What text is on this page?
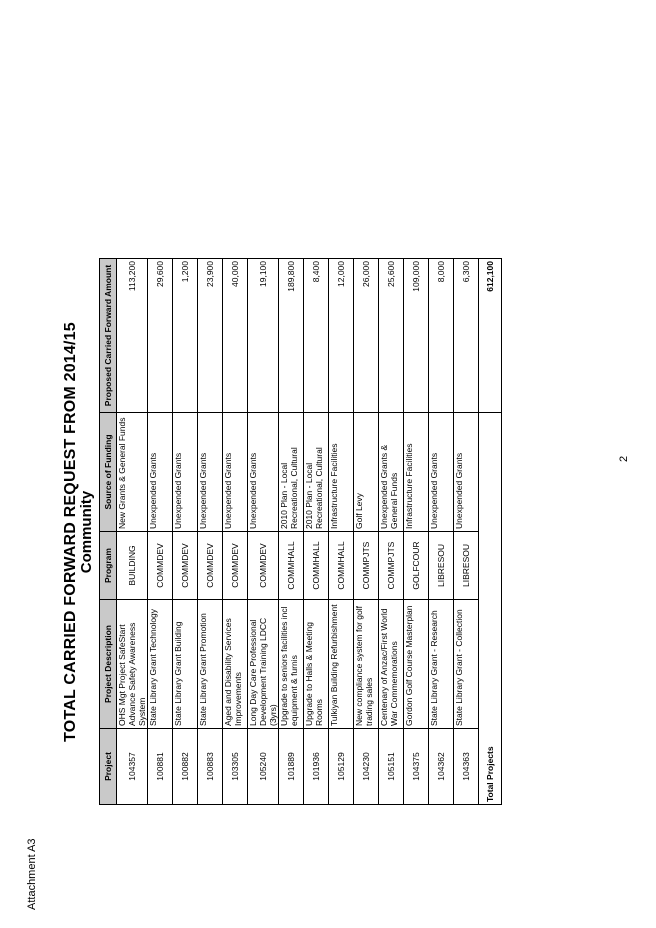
Attachment A3
2
TOTAL CARRIED FORWARD REQUEST FROM 2014/15 Community
Project	Project Description	Program	Source of Funding	Proposed Carried Forward Amount
104357	OHS Mgt Project SafeStart Advance Safety Awareness System	BUILDING	New Grants & General Funds	113,200
100881	State Library Grant Technology	COMMDEV	Unexpended Grants	29,600
100882	State Library Grant Building	COMMDEV	Unexpended Grants	1,200
100883	State Library Grant Promotion	COMMDEV	Unexpended Grants	23,900
103305	Aged and Disability Services Improvements	COMMDEV	Unexpended Grants	40,000
105240	Long Day Care Professional Development Training LDCC (3yrs)	COMMDEV	Unexpended Grants	19,100
101889	Upgrade to seniors facilities incl equipment & furnis	COMMHALL	2010 Plan - Local Recreational, Cultural	189,800
101936	Upgrade to Halls & Meeting Rooms	COMMHALL	2010 Plan - Local Recreational, Cultural	8,400
105129	Tulkiyan Building Refurbishment	COMMHALL	Infrastructure Facilities	12,000
104230	New compliance system for golf trading sales	COMMPJTS	Golf Levy	26,000
105151	Centenary of Anzac/First World War Commemorations	COMMPJTS	Unexpended Grants & General Funds	25,600
104375	Gordon Golf Course Masterplan	GOLFCOUR	Infrastructure Facilities	109,000
104362	State Library Grant - Research	LIBRESOU	Unexpended Grants	8,000
104363	State Library Grant - Collection	LIBRESOU	Unexpended Grants	6,300
Total Projects				612,100
